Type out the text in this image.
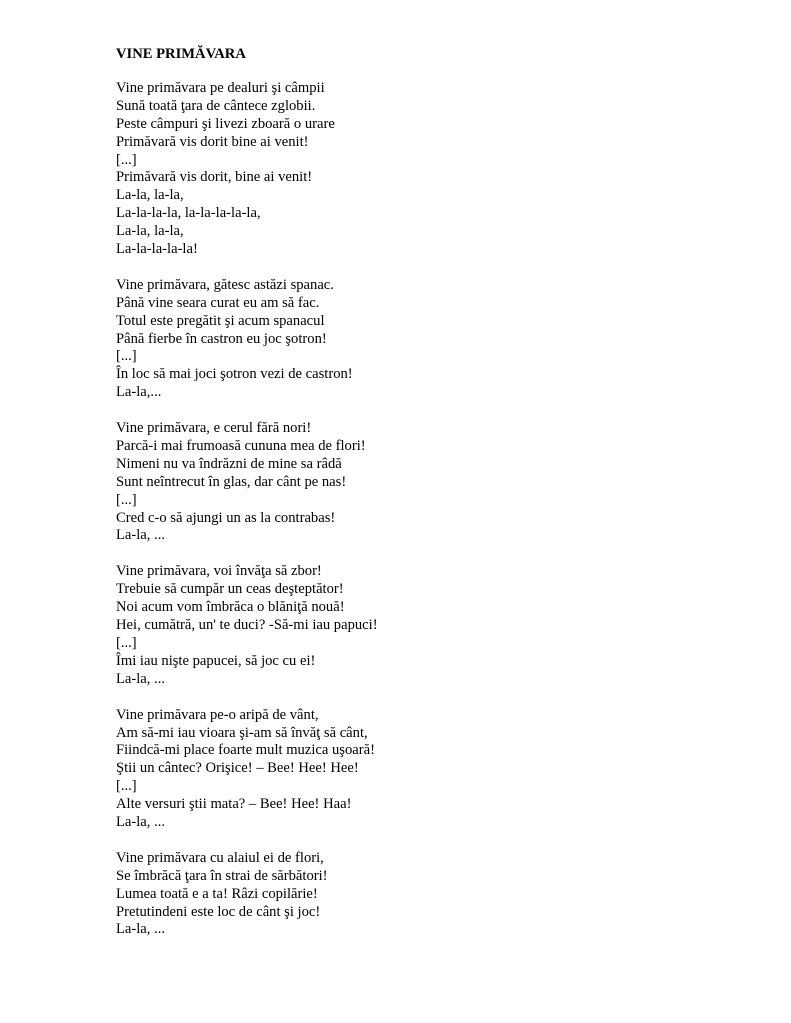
VINE PRIMĂVARA
Vine primăvara pe dealuri şi câmpii
Sună toată ţara de cântece zglobii.
Peste câmpuri şi livezi zboară o urare
Primăvară vis dorit bine ai venit!
[...]
Primăvară vis dorit, bine ai venit!
La-la, la-la,
La-la-la-la, la-la-la-la-la,
La-la, la-la,
La-la-la-la-la!
Vine primăvara, gătesc astăzi spanac.
Până vine seara curat eu am să fac.
Totul este pregătit şi acum spanacul
Până fierbe în castron eu joc şotron!
[...]
În loc să mai joci şotron vezi de castron!
La-la,...
Vine primăvara, e cerul fără nori!
Parcă-i mai frumoasă cununa mea de flori!
Nimeni nu va îndrăzni de mine sa râdă
Sunt neîntrecut în glas, dar cânt pe nas!
[...]
Cred c-o să ajungi un as la contrabas!
La-la, ...
Vine primăvara, voi învăţa să zbor!
Trebuie să cumpăr un ceas deşteptător!
Noi acum vom îmbrăca o blăniţă nouă!
Hei, cumătră, un' te duci? -Să-mi iau papuci!
[...]
Îmi iau nişte papucei, să joc cu ei!
La-la, ...
Vine primăvara pe-o aripă de vânt,
Am să-mi iau vioara şi-am să învăţ să cânt,
Fiindcă-mi place foarte mult muzica uşoară!
Ştii un cântec? Orişice! – Bee! Hee! Hee!
[...]
Alte versuri ştii mata? – Bee! Hee! Haa!
La-la, ...
Vine primăvara cu alaiul ei de flori,
Se îmbrăcă ţara în strai de sărbători!
Lumea toată e a ta! Râzi copilărie!
Pretutindeni este loc de cânt şi joc!
La-la, ...
